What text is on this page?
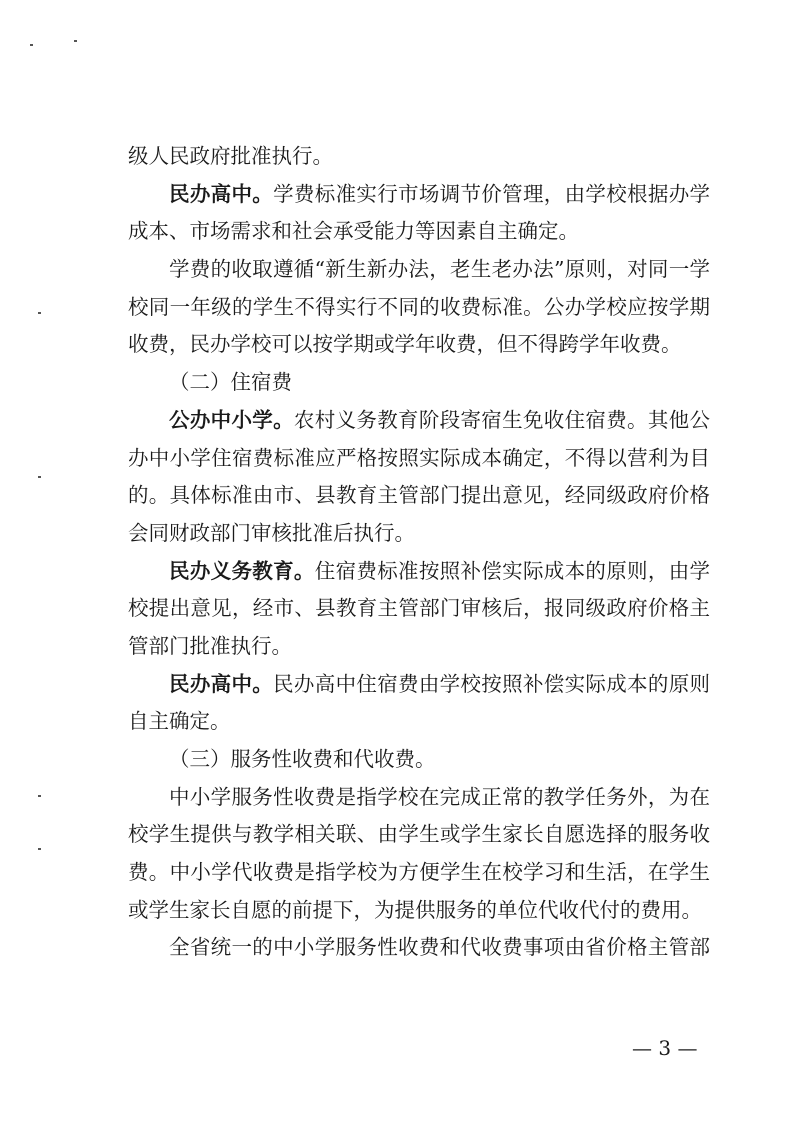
级人民政府批准执行。
民办高中。学费标准实行市场调节价管理，由学校根据办学
成本、市场需求和社会承受能力等因素自主确定。
学费的收取遵循“新生新办法，老生老办法”原则，对同一学
校同一年级的学生不得实行不同的收费标准。公办学校应按学期
收费，民办学校可以按学期或学年收费，但不得跨学年收费。
（二）住宿费
公办中小学。农村义务教育阶段寄宿生免收住宿费。其他公
办中小学住宿费标准应严格按照实际成本确定，不得以营利为目
的。具体标准由市、县教育主管部门提出意见，经同级政府价格
会同财政部门审核批准后执行。
民办义务教育。住宿费标准按照补偿实际成本的原则，由学
校提出意见，经市、县教育主管部门审核后，报同级政府价格主
管部门批准执行。
民办高中。民办高中住宿费由学校按照补偿实际成本的原则
自主确定。
（三）服务性收费和代收费。
中小学服务性收费是指学校在完成正常的教学任务外，为在
校学生提供与教学相关联、由学生或学生家长自愿选择的服务收
费。中小学代收费是指学校为方便学生在校学习和生活，在学生
或学生家长自愿的前提下，为提供服务的单位代收代付的费用。
全省统一的中小学服务性收费和代收费事项由省价格主管部
— 3 —
